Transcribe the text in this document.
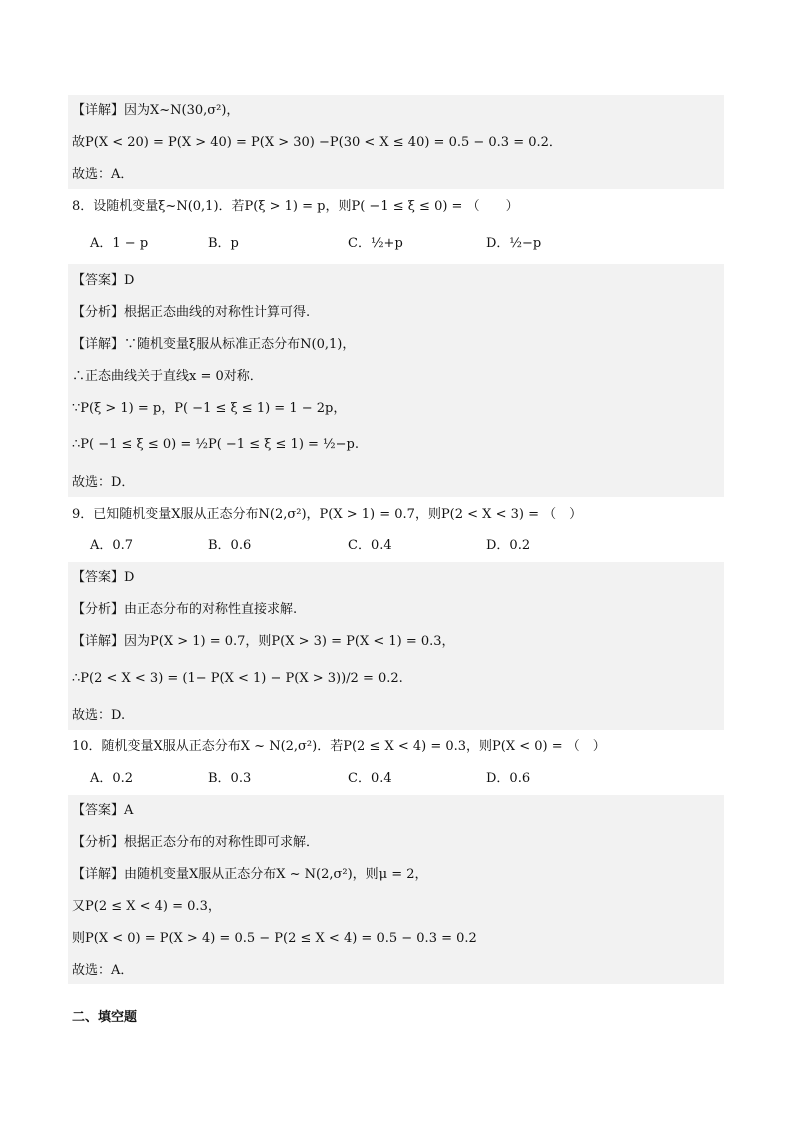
【详解】因为X~N(30,σ²)，
故P(X < 20) = P(X > 40) = P(X > 30) −P(30 < X ≤ 40) = 0.5 − 0.3 = 0.2．
故选：A．
8．设随机变量ξ~N(0,1)．若P(ξ > 1) = p，则P( −1 ≤ ξ ≤ 0) = （　　）
A．1 − p	B．p	C．½+p	D．½−p
【答案】D
【分析】根据正态曲线的对称性计算可得.
【详解】∵随机变量ξ服从标准正态分布N(0,1)，
∴正态曲线关于直线x = 0对称．
∵P(ξ > 1) = p，P( −1 ≤ ξ ≤ 1) = 1 − 2p，
∴P( −1 ≤ ξ ≤ 0) = ½P( −1 ≤ ξ ≤ 1) = ½−p.
故选：D．
9．已知随机变量X服从正态分布N(2,σ²)，P(X > 1) = 0.7，则P(2 < X < 3) = （　）
A．0.7	B．0.6	C．0.4	D．0.2
【答案】D
【分析】由正态分布的对称性直接求解.
【详解】因为P(X > 1) = 0.7，则P(X > 3) = P(X < 1) = 0.3，
∴P(2 < X < 3) = (1− P(X < 1) − P(X > 3))/2 = 0.2.
故选：D.
10．随机变量X服从正态分布X ~ N(2,σ²)．若P(2 ≤ X < 4) = 0.3，则P(X < 0) = （　）
A．0.2	B．0.3	C．0.4	D．0.6
【答案】A
【分析】根据正态分布的对称性即可求解．
【详解】由随机变量X服从正态分布X ~ N(2,σ²)，则μ = 2，
又P(2 ≤ X < 4) = 0.3，
则P(X < 0) = P(X > 4) = 0.5 − P(2 ≤ X < 4) = 0.5 − 0.3 = 0.2
故选：A．
二、填空题
